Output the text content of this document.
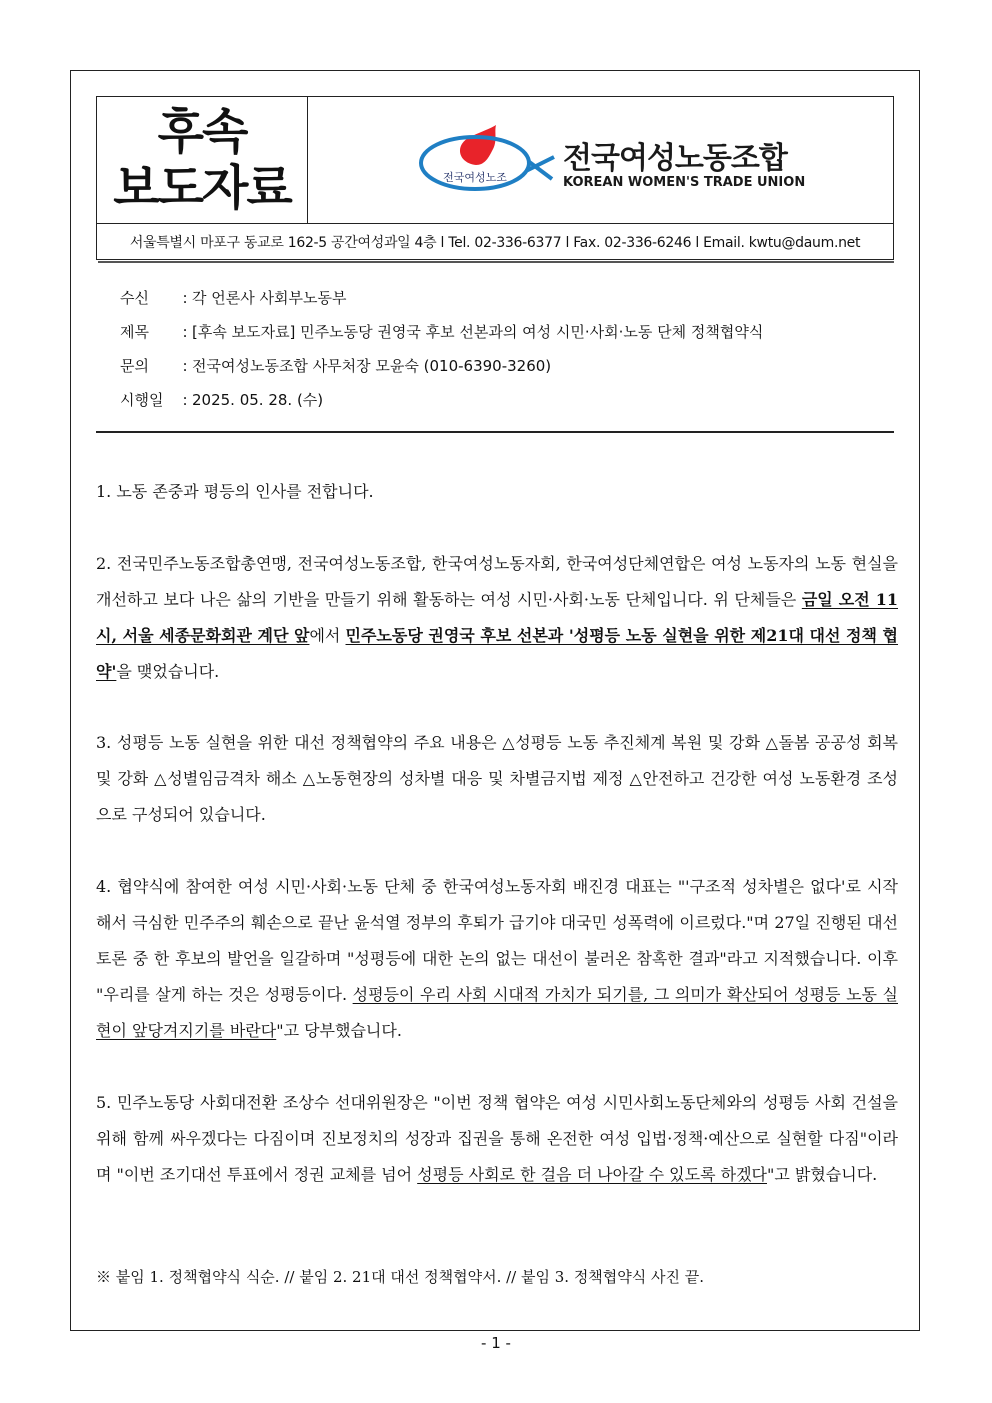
후속
보도자료	전국여성노조
전국여성노동조합
KOREAN WOMEN'S TRADE UNION
서울특별시 마포구 동교로 162-5 공간여성과일 4층 l Tel. 02-336-6377 l Fax. 02-336-6246 l Email. kwtu@daum.net
수신 : 각 언론사 사회부노동부
제목 : [후속 보도자료] 민주노동당 권영국 후보 선본과의 여성 시민·사회·노동 단체 정책협약식
문의 : 전국여성노동조합 사무처장 모윤숙 (010-6390-3260)
시행일 : 2025. 05. 28. (수)
1. 노동 존중과 평등의 인사를 전합니다.
2. 전국민주노동조합총연맹, 전국여성노동조합, 한국여성노동자회, 한국여성단체연합은 여성 노동자의 노동 현실을 개선하고 보다 나은 삶의 기반을 만들기 위해 활동하는 여성 시민·사회·노동 단체입니다. 위 단체들은 금일 오전 11시, 서울 세종문화회관 계단 앞에서 민주노동당 권영국 후보 선본과 '성평등 노동 실현을 위한 제21대 대선 정책 협약'을 맺었습니다.
3. 성평등 노동 실현을 위한 대선 정책협약의 주요 내용은 △성평등 노동 추진체계 복원 및 강화 △돌봄 공공성 회복 및 강화 △성별임금격차 해소 △노동현장의 성차별 대응 및 차별금지법 제정 △안전하고 건강한 여성 노동환경 조성으로 구성되어 있습니다.
4. 협약식에 참여한 여성 시민·사회·노동 단체 중 한국여성노동자회 배진경 대표는 "'구조적 성차별은 없다'로 시작해서 극심한 민주주의 훼손으로 끝난 윤석열 정부의 후퇴가 급기야 대국민 성폭력에 이르렀다."며 27일 진행된 대선 토론 중 한 후보의 발언을 일갈하며 "성평등에 대한 논의 없는 대선이 불러온 참혹한 결과"라고 지적했습니다. 이후 "우리를 살게 하는 것은 성평등이다. 성평등이 우리 사회 시대적 가치가 되기를, 그 의미가 확산되어 성평등 노동 실현이 앞당겨지기를 바란다"고 당부했습니다.
5. 민주노동당 사회대전환 조상수 선대위원장은 "이번 정책 협약은 여성 시민사회노동단체와의 성평등 사회 건설을 위해 함께 싸우겠다는 다짐이며 진보정치의 성장과 집권을 통해 온전한 여성 입법·정책·예산으로 실현할 다짐"이라며 "이번 조기대선 투표에서 정권 교체를 넘어 성평등 사회로 한 걸음 더 나아갈 수 있도록 하겠다"고 밝혔습니다.
※ 붙임 1. 정책협약식 식순. // 붙임 2. 21대 대선 정책협약서. // 붙임 3. 정책협약식 사진 끝.
- 1 -
